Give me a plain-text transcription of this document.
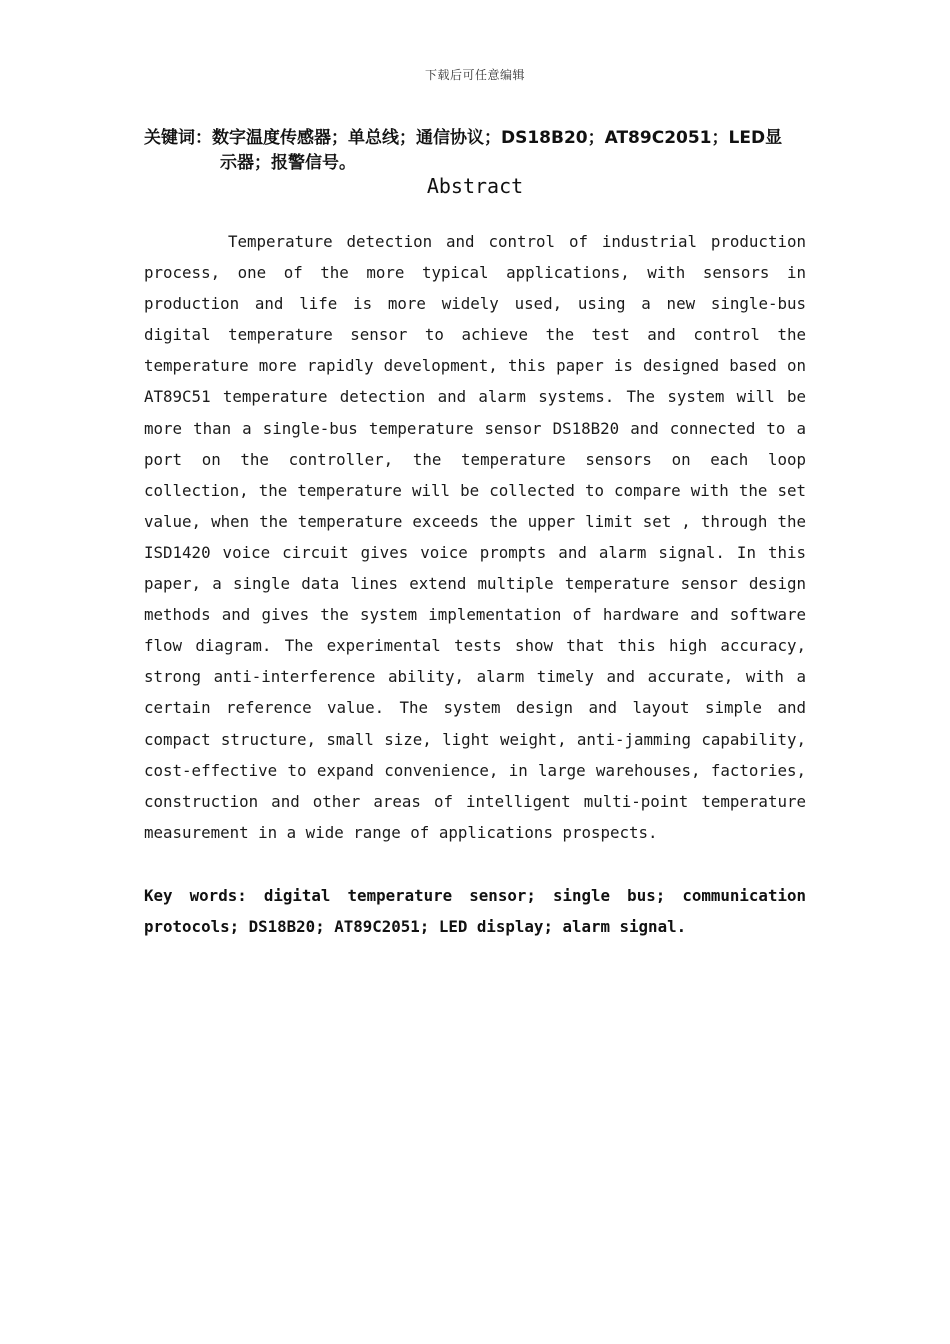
下载后可任意编辑
关键词：数字温度传感器；单总线；通信协议；DS18B20；AT89C2051；LED显
示器；报警信号。
Abstract

Temperature detection and control of industrial production process, one of the more typical applications, with sensors in production and life is more widely used, using a new single-bus digital temperature sensor to achieve the test and control the temperature more rapidly development, this paper is designed based on AT89C51 temperature detection and alarm systems. The system will be more than a single-bus temperature sensor DS18B20 and connected to a port on the controller, the temperature sensors on each loop collection, the temperature will be collected to compare with the set value, when the temperature exceeds the upper limit set , through the ISD1420 voice circuit gives voice prompts and alarm signal. In this paper, a single data lines extend multiple temperature sensor design methods and gives the system implementation of hardware and software flow diagram. The experimental tests show that this high accuracy, strong anti-interference ability, alarm timely and accurate, with a certain reference value. The system design and layout simple and compact structure, small size, light weight, anti-jamming capability, cost-effective to expand convenience, in large warehouses, factories, construction and other areas of intelligent multi-point temperature measurement in a wide range of applications prospects.

Key words: digital temperature sensor; single bus; communication protocols; DS18B20; AT89C2051; LED display; alarm signal.
